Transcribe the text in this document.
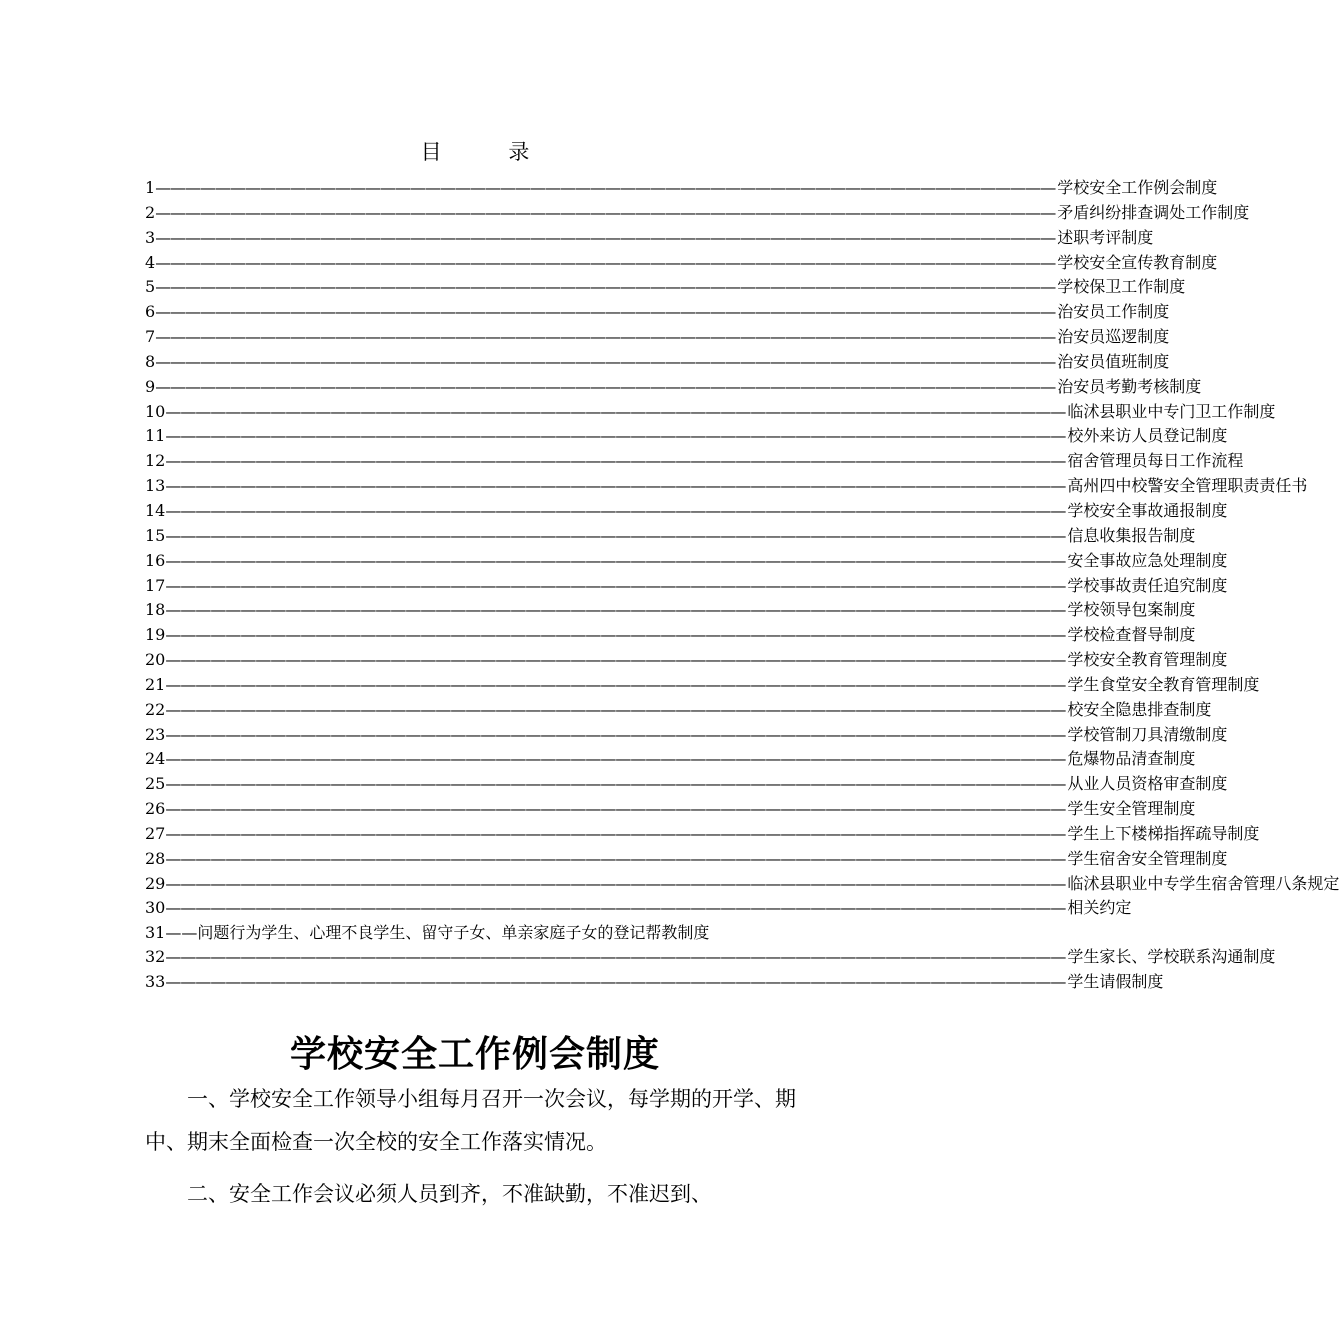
目 录
1 ———————————————————————————————————————————————————————————— 学校安全工作例会制度
2 ———————————————————————————————————————————————————————————— 矛盾纠纷排查调处工作制度
3 ———————————————————————————————————————————————————————————— 述职考评制度
4 ———————————————————————————————————————————————————————————— 学校安全宣传教育制度
5 ———————————————————————————————————————————————————————————— 学校保卫工作制度
6 ———————————————————————————————————————————————————————————— 治安员工作制度
7 ———————————————————————————————————————————————————————————— 治安员巡逻制度
8 ———————————————————————————————————————————————————————————— 治安员值班制度
9 ———————————————————————————————————————————————————————————— 治安员考勤考核制度
10 ———————————————————————————————————————————————————————————— 临沭县职业中专门卫工作制度
11 ———————————————————————————————————————————————————————————— 校外来访人员登记制度
12 ———————————————————————————————————————————————————————————— 宿舍管理员每日工作流程
13 ———————————————————————————————————————————————————————————— 高州四中校警安全管理职责责任书
14 ———————————————————————————————————————————————————————————— 学校安全事故通报制度
15 ———————————————————————————————————————————————————————————— 信息收集报告制度
16 ———————————————————————————————————————————————————————————— 安全事故应急处理制度
17 ———————————————————————————————————————————————————————————— 学校事故责任追究制度
18 ———————————————————————————————————————————————————————————— 学校领导包案制度
19 ———————————————————————————————————————————————————————————— 学校检查督导制度
20 ———————————————————————————————————————————————————————————— 学校安全教育管理制度
21 ———————————————————————————————————————————————————————————— 学生食堂安全教育管理制度
22 ———————————————————————————————————————————————————————————— 校安全隐患排查制度
23 ———————————————————————————————————————————————————————————— 学校管制刀具清缴制度
24 ———————————————————————————————————————————————————————————— 危爆物品清查制度
25 ———————————————————————————————————————————————————————————— 从业人员资格审查制度
26 ———————————————————————————————————————————————————————————— 学生安全管理制度
27 ———————————————————————————————————————————————————————————— 学生上下楼梯指挥疏导制度
28 ———————————————————————————————————————————————————————————— 学生宿舍安全管理制度
29 ———————————————————————————————————————————————————————————— 临沭县职业中专学生宿舍管理八条规定
30 ———————————————————————————————————————————————————————————— 相关约定
31——问题行为学生、心理不良学生、留守子女、单亲家庭子女的登记帮教制度
32 ———————————————————————————————————————————————————————————— 学生家长、学校联系沟通制度
33 ———————————————————————————————————————————————————————————— 学生请假制度
学校安全工作例会制度

一、学校安全工作领导小组每月召开一次会议，每学期的开学、期中、期末全面检查一次全校的安全工作落实情况。

二、安全工作会议必须人员到齐，不准缺勤，不准迟到、
